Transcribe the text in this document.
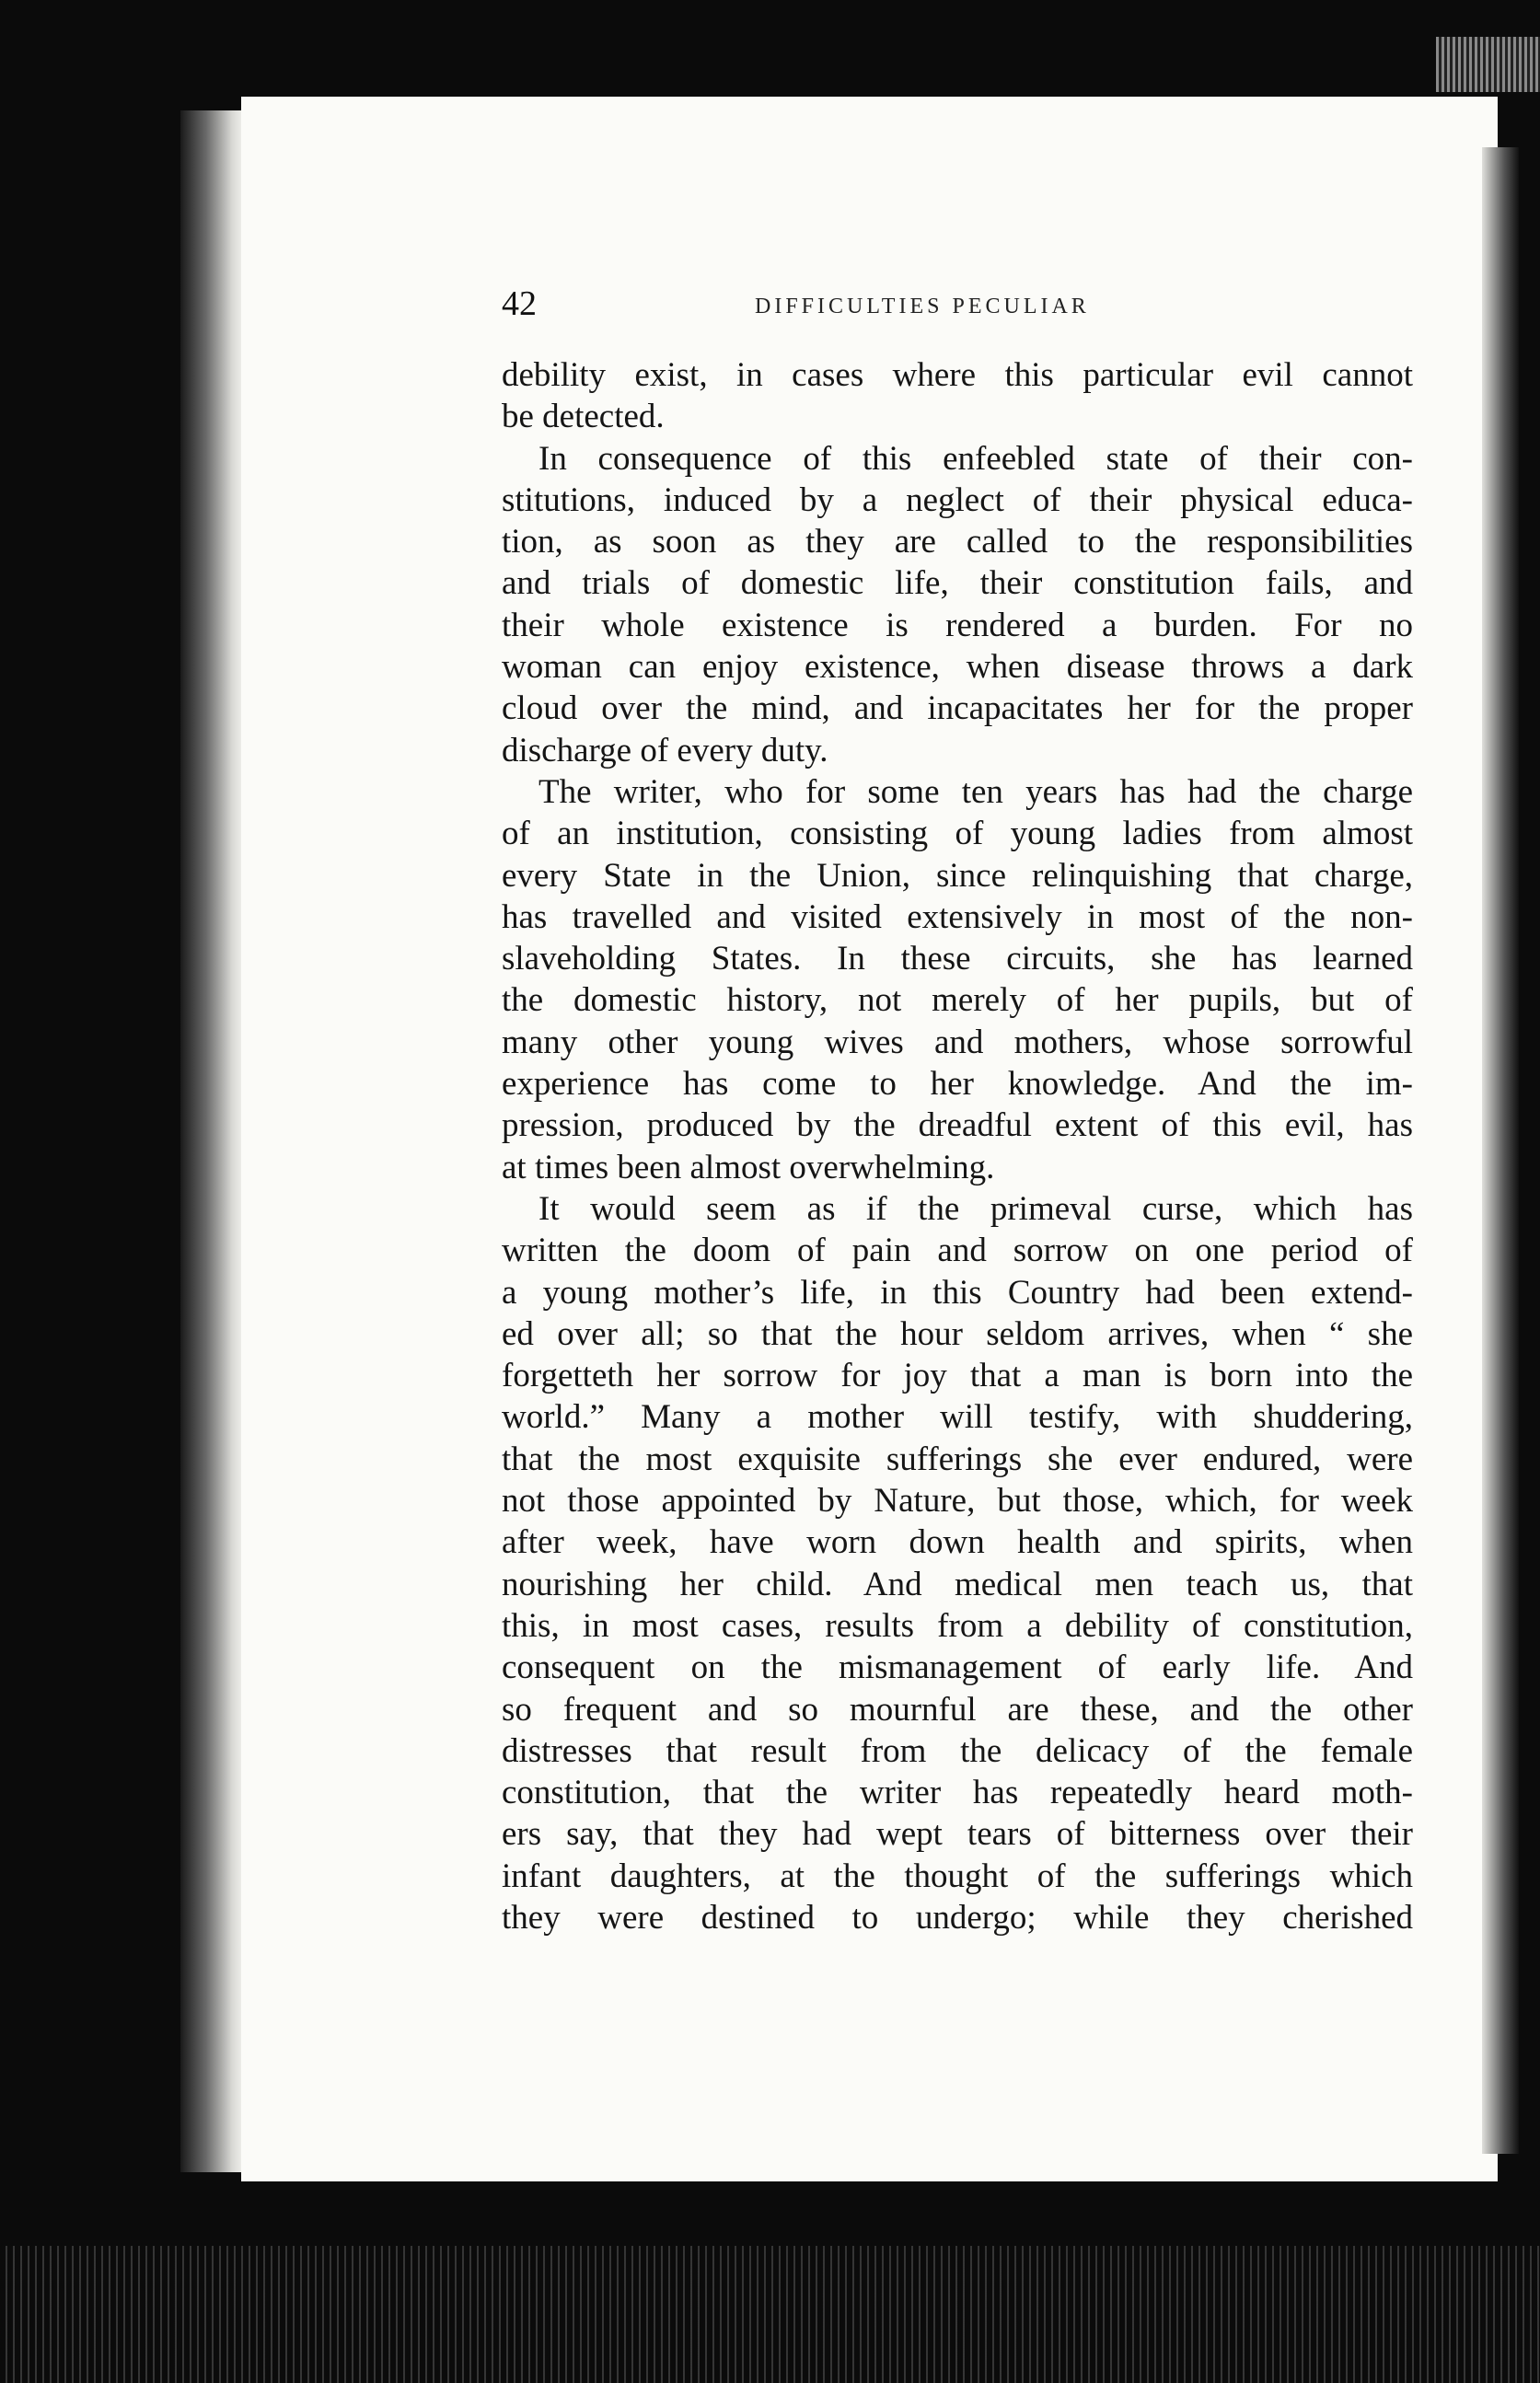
42	DIFFICULTIES PECULIAR
debility exist, in cases where this particular evil cannot
be detected.
In consequence of this enfeebled state of their con-
stitutions, induced by a neglect of their physical educa-
tion, as soon as they are called to the responsibilities
and trials of domestic life, their constitution fails, and
their whole existence is rendered a burden. For no
woman can enjoy existence, when disease throws a dark
cloud over the mind, and incapacitates her for the proper
discharge of every duty.
The writer, who for some ten years has had the charge
of an institution, consisting of young ladies from almost
every State in the Union, since relinquishing that charge,
has travelled and visited extensively in most of the non-
slaveholding States. In these circuits, she has learned
the domestic history, not merely of her pupils, but of
many other young wives and mothers, whose sorrowful
experience has come to her knowledge. And the im-
pression, produced by the dreadful extent of this evil, has
at times been almost overwhelming.
It would seem as if the primeval curse, which has
written the doom of pain and sorrow on one period of
a young mother’s life, in this Country had been extend-
ed over all; so that the hour seldom arrives, when “ she
forgetteth her sorrow for joy that a man is born into the
world.” Many a mother will testify, with shuddering,
that the most exquisite sufferings she ever endured, were
not those appointed by Nature, but those, which, for week
after week, have worn down health and spirits, when
nourishing her child. And medical men teach us, that
this, in most cases, results from a debility of constitution,
consequent on the mismanagement of early life. And
so frequent and so mournful are these, and the other
distresses that result from the delicacy of the female
constitution, that the writer has repeatedly heard moth-
ers say, that they had wept tears of bitterness over their
infant daughters, at the thought of the sufferings which
they were destined to undergo; while they cherished
